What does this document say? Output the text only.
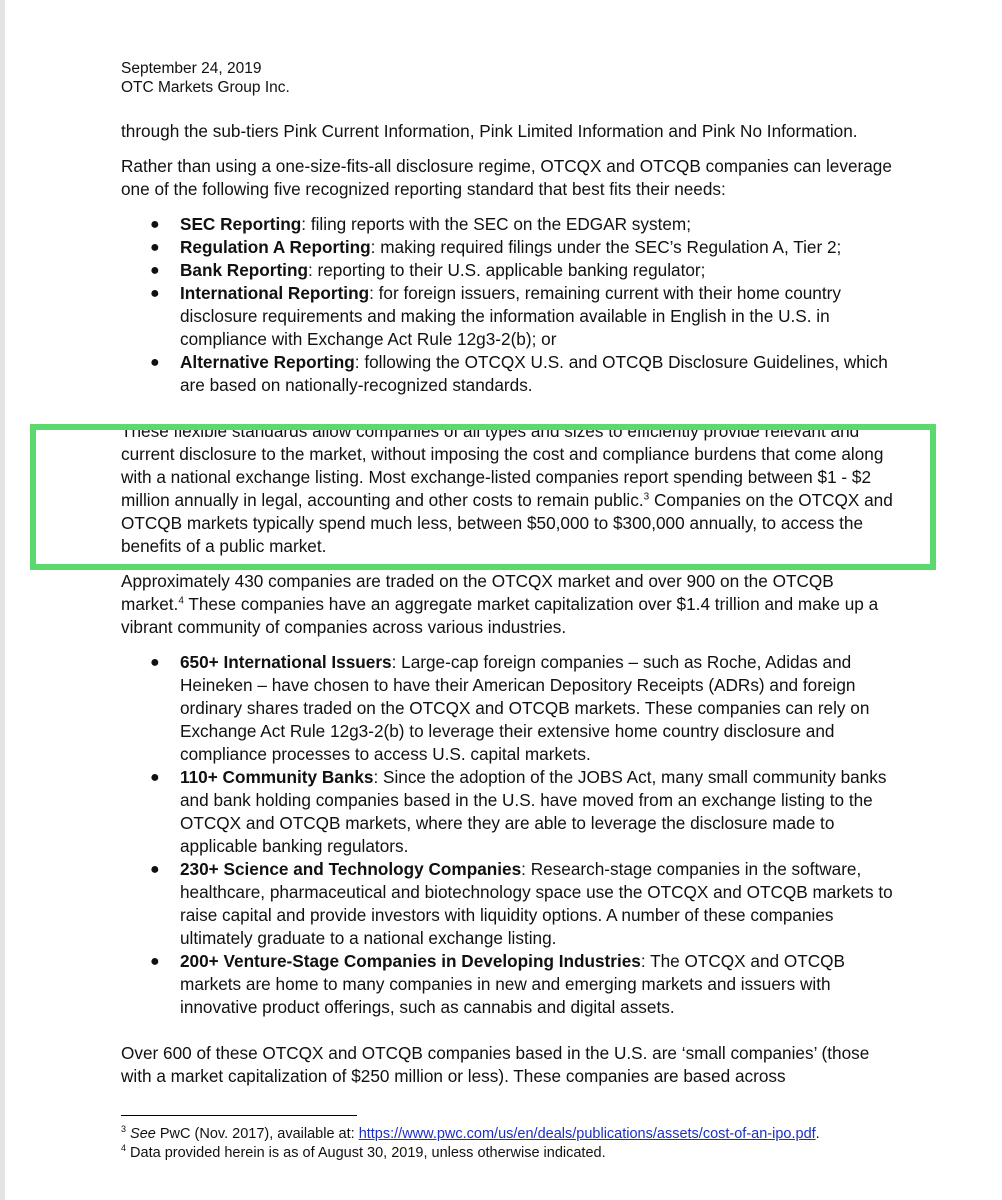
September 24, 2019

OTC Markets Group Inc.

through the sub-tiers Pink Current Information, Pink Limited Information and Pink No Information.

Rather than using a one-size-fits-all disclosure regime, OTCQX and OTCQB companies can leverage one of the following five recognized reporting standard that best fits their needs:

● SEC Reporting: filing reports with the SEC on the EDGAR system;
● Regulation A Reporting: making required filings under the SEC’s Regulation A, Tier 2;
● Bank Reporting: reporting to their U.S. applicable banking regulator;
● International Reporting: for foreign issuers, remaining current with their home country disclosure requirements and making the information available in English in the U.S. in compliance with Exchange Act Rule 12g3-2(b); or
● Alternative Reporting: following the OTCQX U.S. and OTCQB Disclosure Guidelines, which are based on nationally-recognized standards.

These flexible standards allow companies of all types and sizes to efficiently provide relevant and current disclosure to the market, without imposing the cost and compliance burdens that come along with a national exchange listing. Most exchange-listed companies report spending between $1 - $2 million annually in legal, accounting and other costs to remain public.$^3$ Companies on the OTCQX and OTCQB markets typically spend much less, between $50,000 to $300,000 annually, to access the benefits of a public market.

Approximately 430 companies are traded on the OTCQX market and over 900 on the OTCQB market.$^4$ These companies have an aggregate market capitalization over $1.4 trillion and make up a vibrant community of companies across various industries.

● 650+ International Issuers: Large-cap foreign companies – such as Roche, Adidas and Heineken – have chosen to have their American Depository Receipts (ADRs) and foreign ordinary shares traded on the OTCQX and OTCQB markets. These companies can rely on Exchange Act Rule 12g3-2(b) to leverage their extensive home country disclosure and compliance processes to access U.S. capital markets.
● 110+ Community Banks: Since the adoption of the JOBS Act, many small community banks and bank holding companies based in the U.S. have moved from an exchange listing to the OTCQX and OTCQB markets, where they are able to leverage the disclosure made to applicable banking regulators.
● 230+ Science and Technology Companies: Research-stage companies in the software, healthcare, pharmaceutical and biotechnology space use the OTCQX and OTCQB markets to raise capital and provide investors with liquidity options. A number of these companies ultimately graduate to a national exchange listing.
● 200+ Venture-Stage Companies in Developing Industries: The OTCQX and OTCQB markets are home to many companies in new and emerging markets and issuers with innovative product offerings, such as cannabis and digital assets.

Over 600 of these OTCQX and OTCQB companies based in the U.S. are ‘small companies’ (those with a market capitalization of $250 million or less). These companies are based across

$^3$ See PwC (Nov. 2017), available at: https://www.pwc.com/us/en/deals/publications/assets/cost-of-an-ipo.pdf.

$^4$ Data provided herein is as of August 30, 2019, unless otherwise indicated.
